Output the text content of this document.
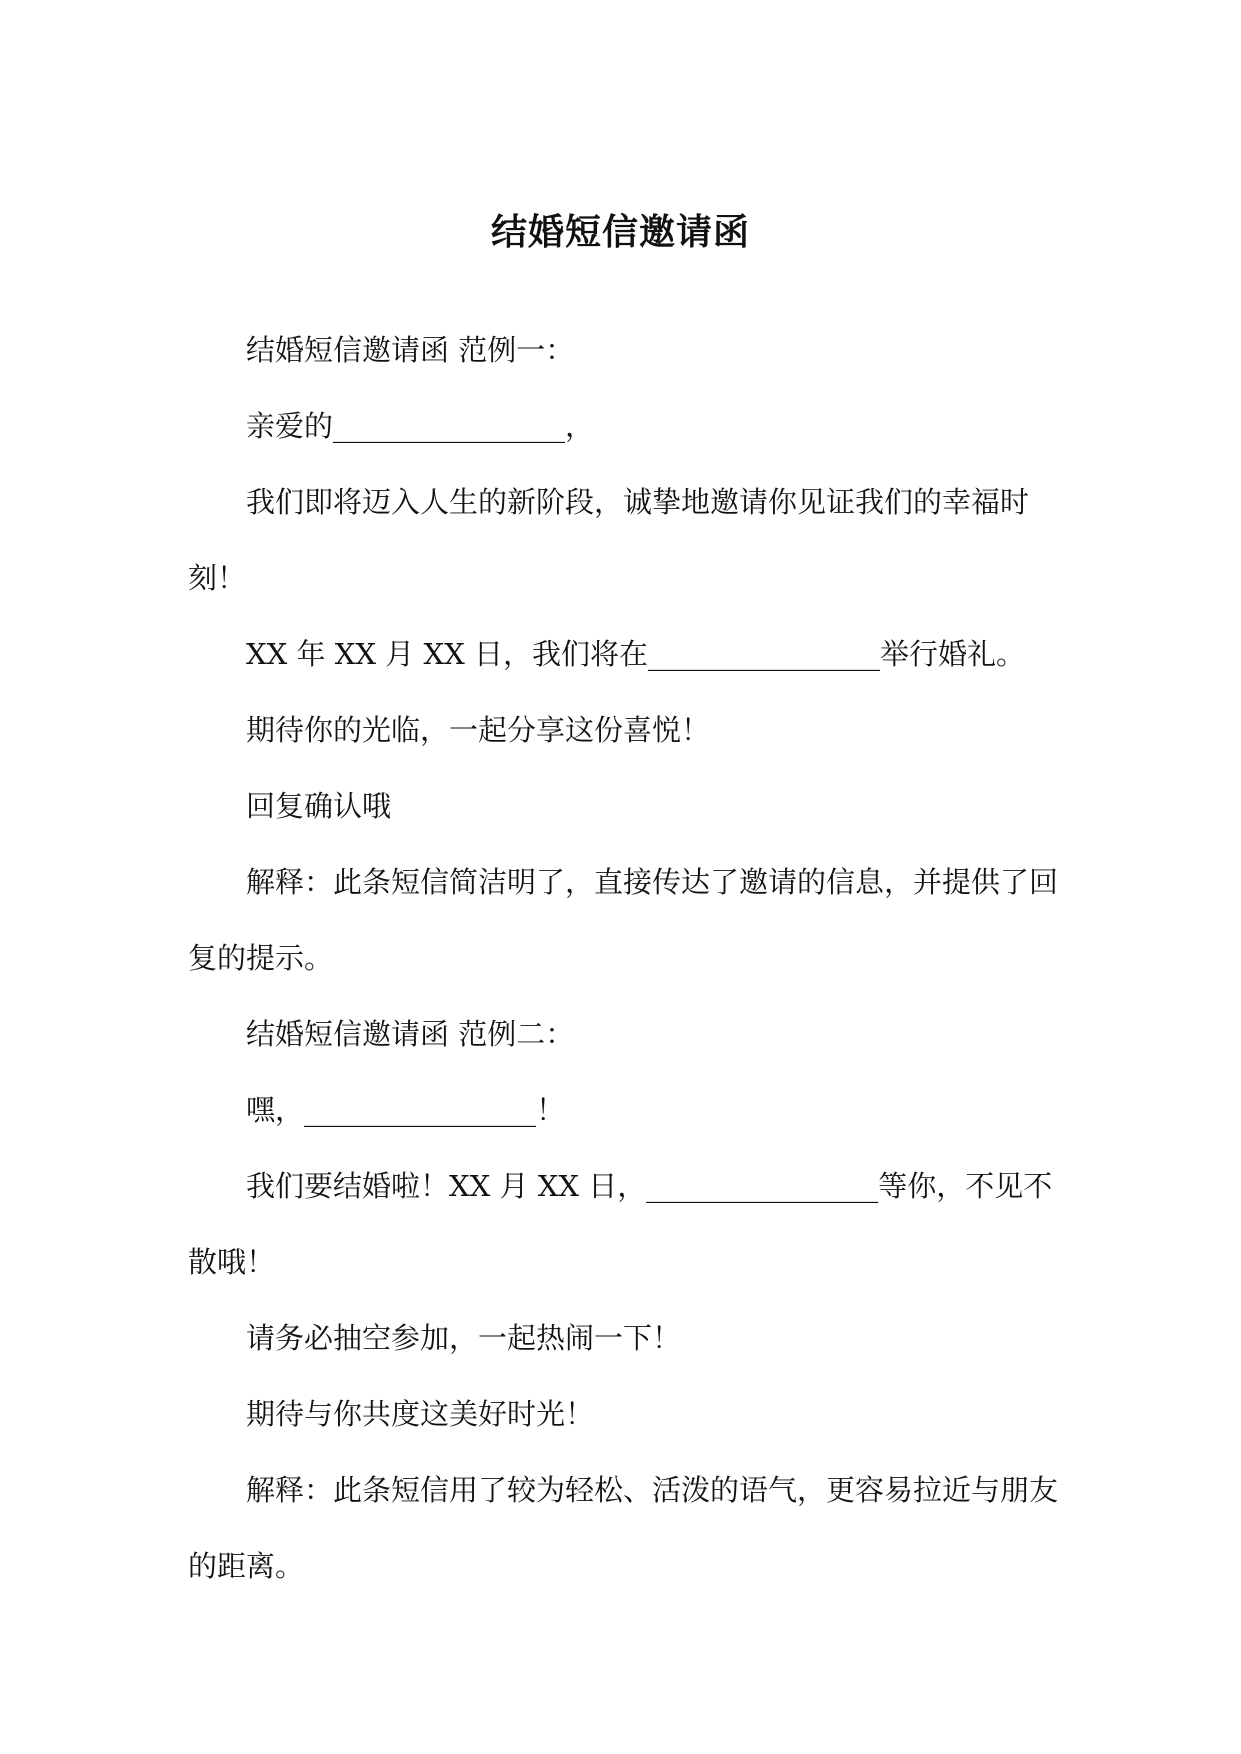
结婚短信邀请函

结婚短信邀请函 范例一：

亲爱的________________，

我们即将迈入人生的新阶段，诚挚地邀请你见证我们的幸福时刻！

XX 年 XX 月 XX 日，我们将在________________举行婚礼。

期待你的光临，一起分享这份喜悦！

回复确认哦

解释：此条短信简洁明了，直接传达了邀请的信息，并提供了回复的提示。

结婚短信邀请函 范例二：

嘿，________________！

我们要结婚啦！XX 月 XX 日，________________等你，不见不散哦！

请务必抽空参加，一起热闹一下！

期待与你共度这美好时光！

解释：此条短信用了较为轻松、活泼的语气，更容易拉近与朋友的距离。
